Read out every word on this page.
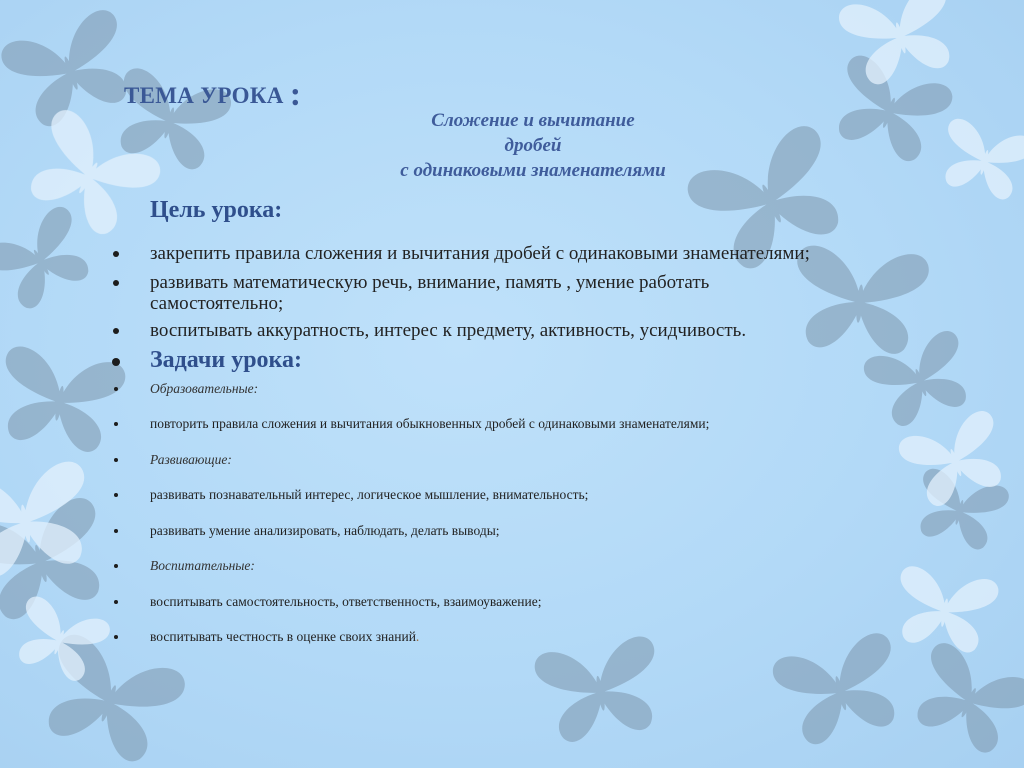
ТЕМА УРОКА :
Сложение и вычитание
дробей
с одинаковыми знаменателями
Цель урока:
закрепить правила сложения и вычитания дробей с одинаковыми знаменателями;
развивать математическую речь, внимание, память , умение работать
самостоятельно;
воспитывать аккуратность, интерес к предмету, активность, усидчивость.
Задачи урока:
Образовательные:
повторить правила сложения и вычитания обыкновенных дробей с одинаковыми знаменателями;
Развивающие:
развивать познавательный интерес, логическое мышление, внимательность;
развивать умение анализировать, наблюдать, делать выводы;
Воспитательные:
воспитывать самостоятельность, ответственность, взаимоуважение;
воспитывать честность в оценке своих знаний.
